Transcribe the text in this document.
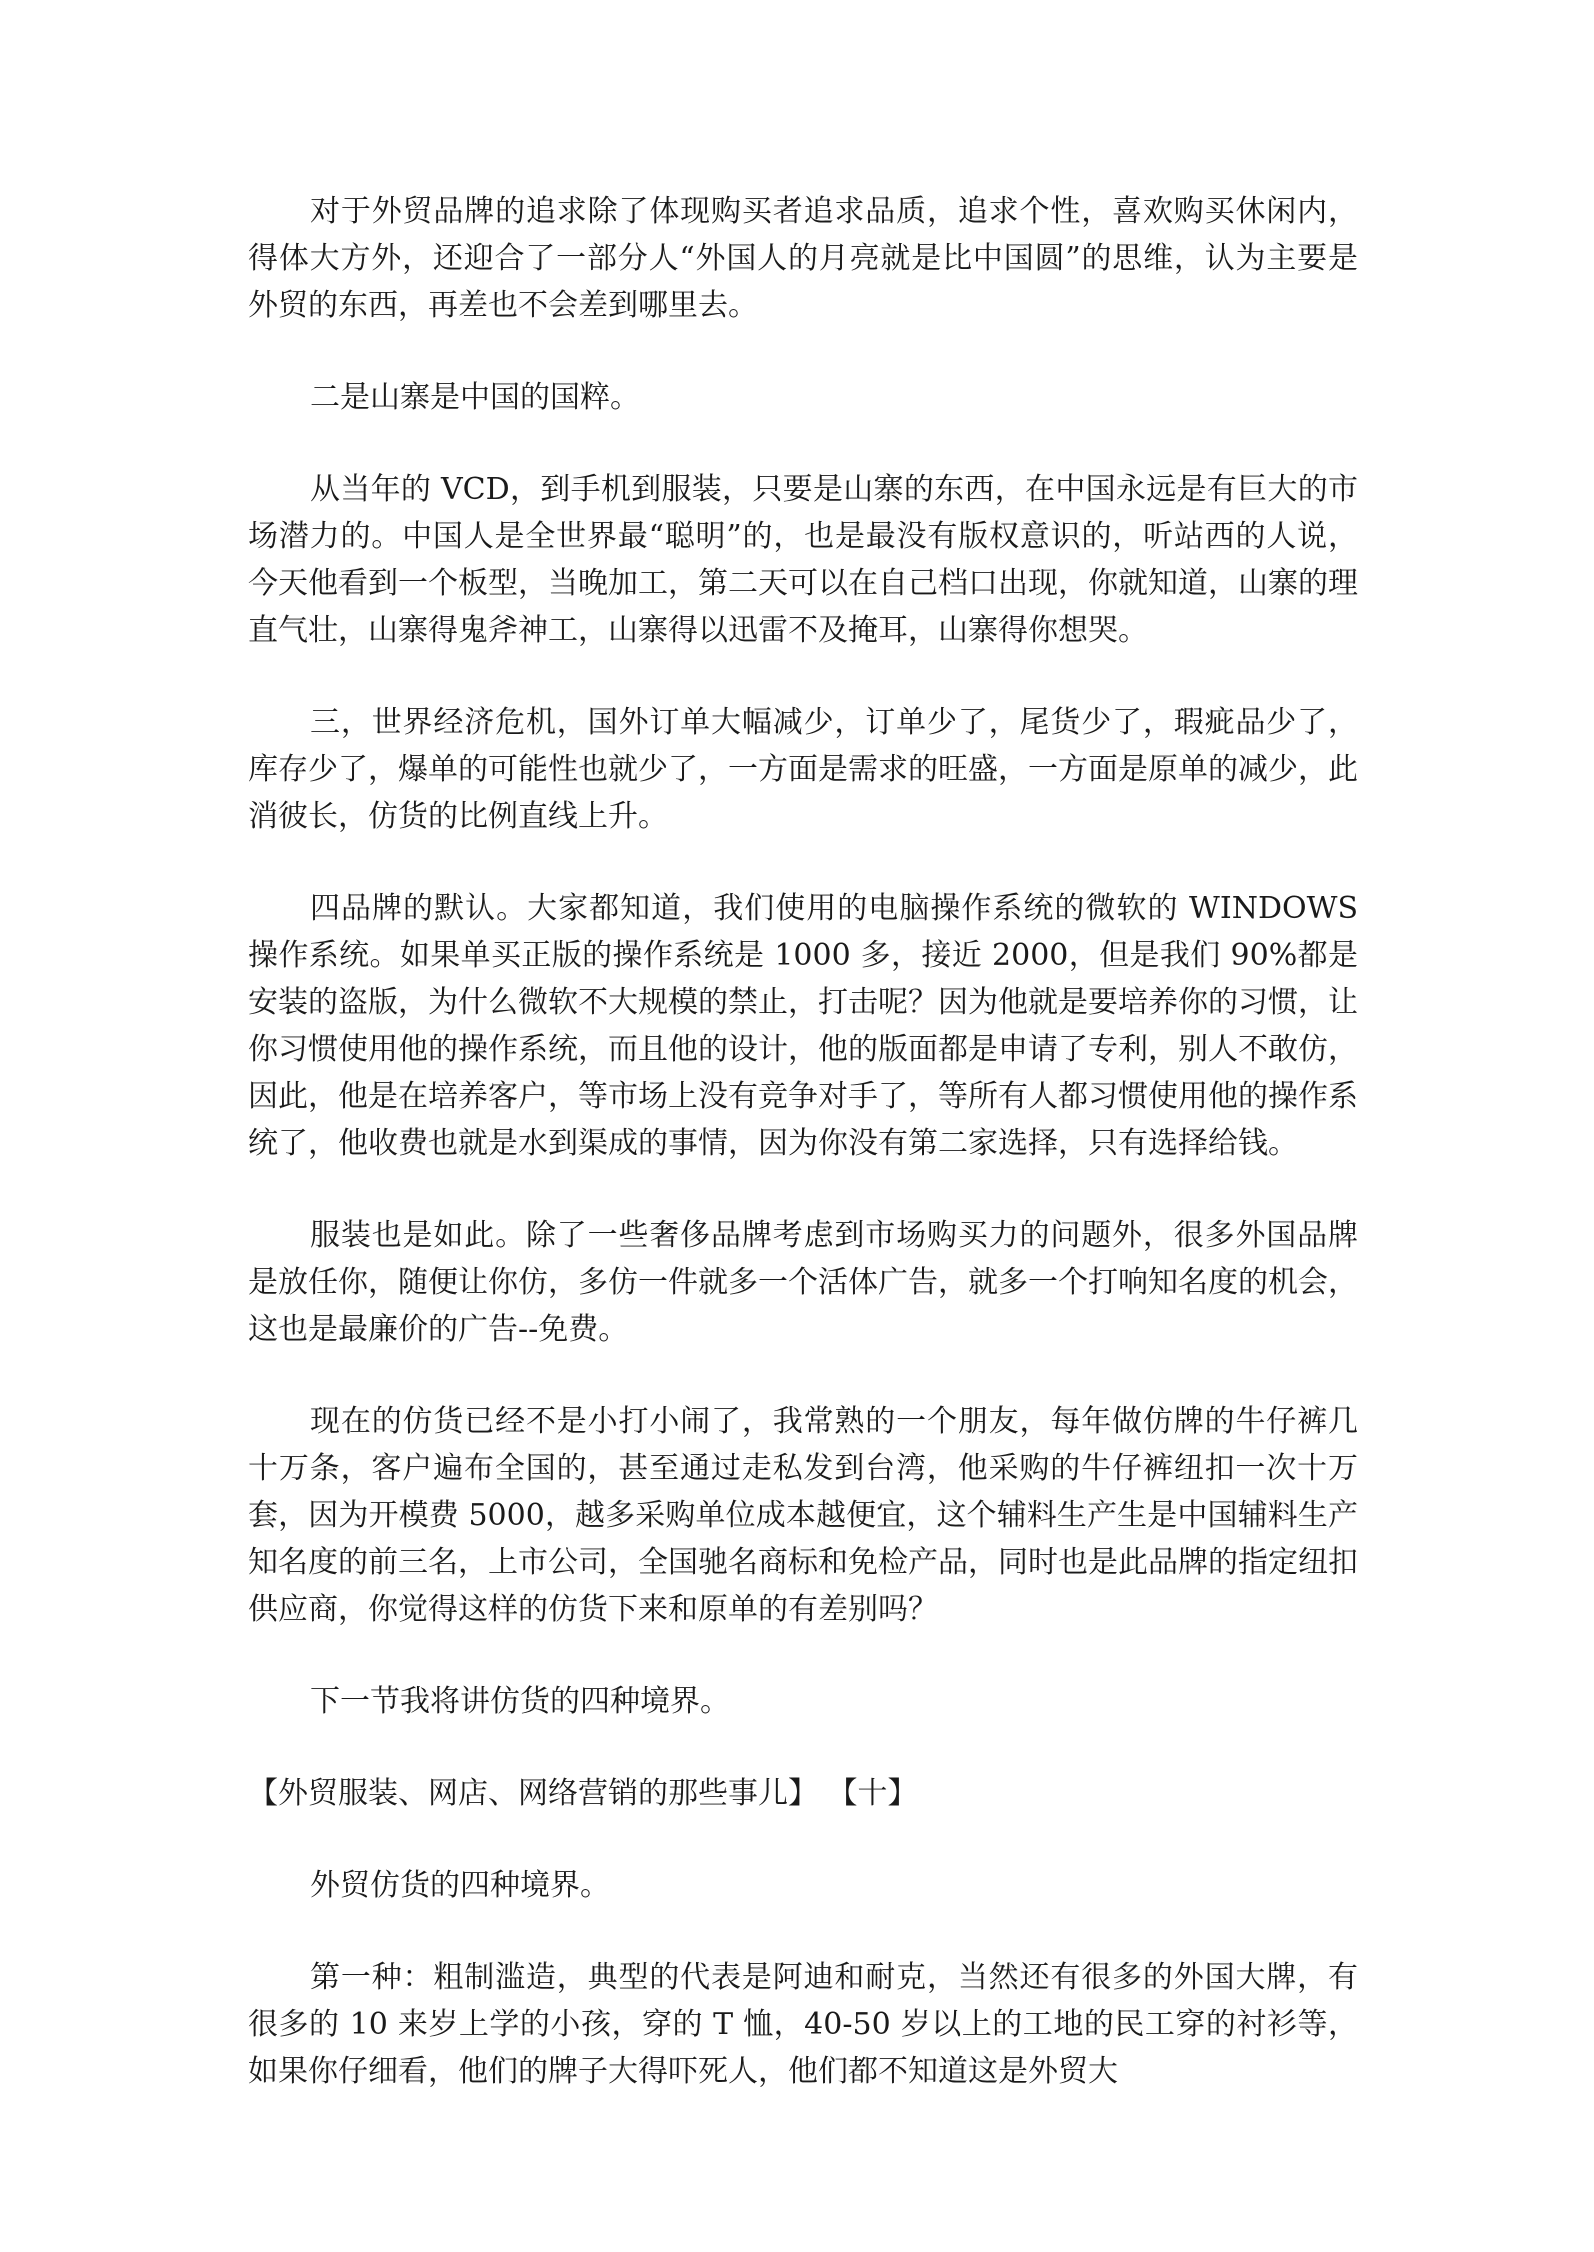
对于外贸品牌的追求除了体现购买者追求品质，追求个性，喜欢购买休闲内，得体大方外，还迎合了一部分人“外国人的月亮就是比中国圆”的思维，认为主要是外贸的东西，再差也不会差到哪里去。

二是山寨是中国的国粹。

从当年的 VCD，到手机到服装，只要是山寨的东西，在中国永远是有巨大的市场潜力的。中国人是全世界最“聪明”的，也是最没有版权意识的，听站西的人说，今天他看到一个板型，当晚加工，第二天可以在自己档口出现，你就知道，山寨的理直气壮，山寨得鬼斧神工，山寨得以迅雷不及掩耳，山寨得你想哭。

三，世界经济危机，国外订单大幅减少，订单少了，尾货少了，瑕疵品少了，库存少了，爆单的可能性也就少了，一方面是需求的旺盛，一方面是原单的减少，此消彼长，仿货的比例直线上升。

四品牌的默认。大家都知道，我们使用的电脑操作系统的微软的 WINDOWS 操作系统。如果单买正版的操作系统是 1000 多，接近 2000，但是我们 90%都是安装的盗版，为什么微软不大规模的禁止，打击呢？因为他就是要培养你的习惯，让你习惯使用他的操作系统，而且他的设计，他的版面都是申请了专利，别人不敢仿，因此，他是在培养客户，等市场上没有竞争对手了，等所有人都习惯使用他的操作系统了，他收费也就是水到渠成的事情，因为你没有第二家选择，只有选择给钱。

服装也是如此。除了一些奢侈品牌考虑到市场购买力的问题外，很多外国品牌是放任你，随便让你仿，多仿一件就多一个活体广告，就多一个打响知名度的机会，这也是最廉价的广告--免费。

现在的仿货已经不是小打小闹了，我常熟的一个朋友，每年做仿牌的牛仔裤几十万条，客户遍布全国的，甚至通过走私发到台湾，他采购的牛仔裤纽扣一次十万套，因为开模费 5000，越多采购单位成本越便宜，这个辅料生产生是中国辅料生产知名度的前三名，上市公司，全国驰名商标和免检产品，同时也是此品牌的指定纽扣供应商，你觉得这样的仿货下来和原单的有差别吗？

下一节我将讲仿货的四种境界。

【外贸服装、网店、网络营销的那些事儿】 【十】

外贸仿货的四种境界。

第一种：粗制滥造，典型的代表是阿迪和耐克，当然还有很多的外国大牌，有很多的 10 来岁上学的小孩，穿的 T 恤，40-50 岁以上的工地的民工穿的衬衫等，如果你仔细看，他们的牌子大得吓死人，他们都不知道这是外贸大
